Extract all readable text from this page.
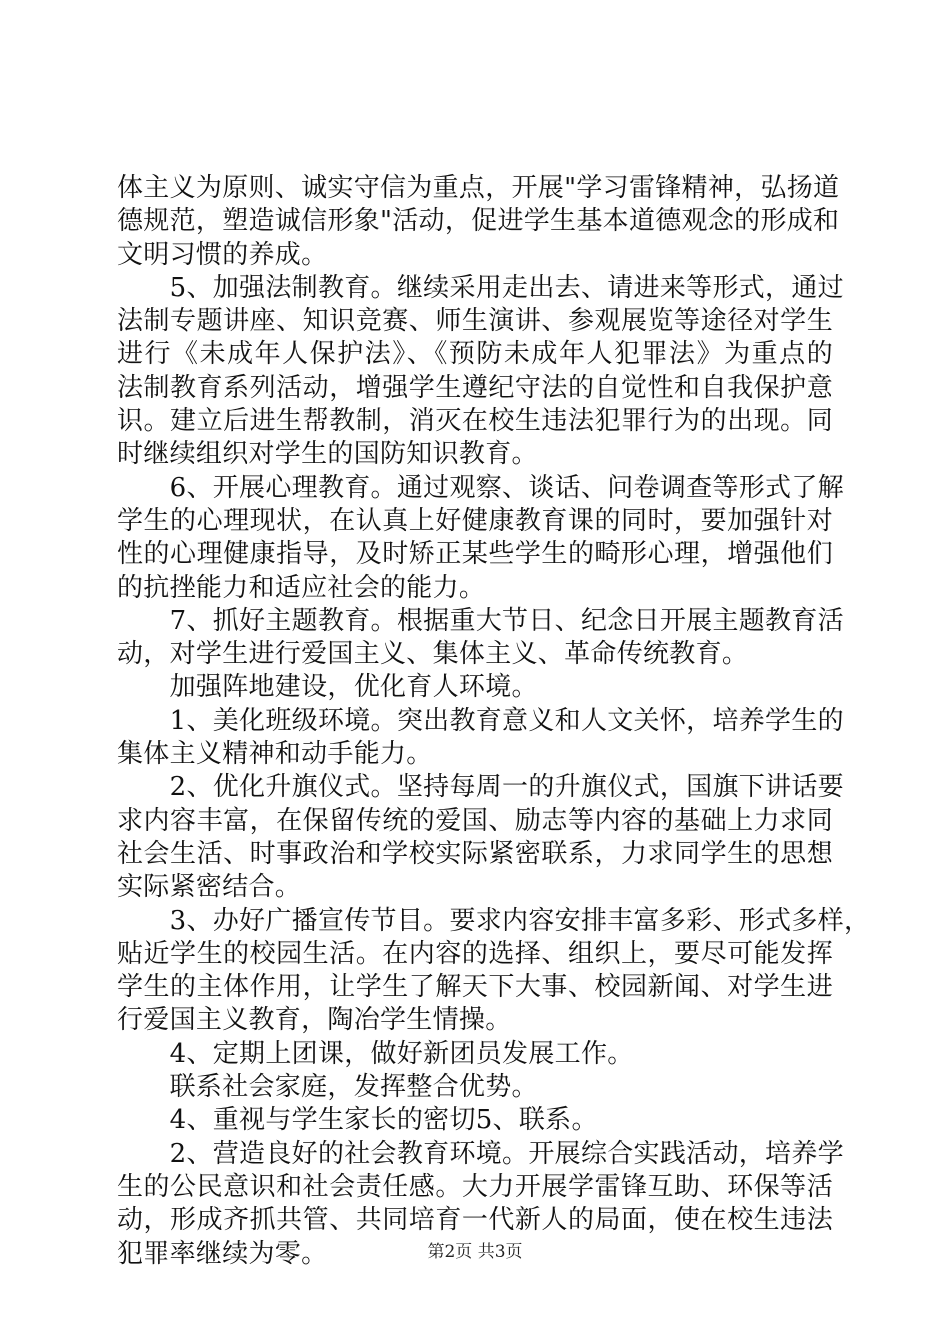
体主义为原则、诚实守信为重点，开展"学习雷锋精神，弘扬道
德规范，塑造诚信形象"活动，促进学生基本道德观念的形成和
文明习惯的养成。
　　5、加强法制教育。继续采用走出去、请进来等形式，通过
法制专题讲座、知识竞赛、师生演讲、参观展览等途径对学生
进行《未成年人保护法》、《预防未成年人犯罪法》为重点的
法制教育系列活动，增强学生遵纪守法的自觉性和自我保护意
识。建立后进生帮教制，消灭在校生违法犯罪行为的出现。同
时继续组织对学生的国防知识教育。
　　6、开展心理教育。通过观察、谈话、问卷调查等形式了解
学生的心理现状，在认真上好健康教育课的同时，要加强针对
性的心理健康指导，及时矫正某些学生的畸形心理，增强他们
的抗挫能力和适应社会的能力。
　　7、抓好主题教育。根据重大节日、纪念日开展主题教育活
动，对学生进行爱国主义、集体主义、革命传统教育。
　　加强阵地建设，优化育人环境。
　　1、美化班级环境。突出教育意义和人文关怀，培养学生的
集体主义精神和动手能力。
　　2、优化升旗仪式。坚持每周一的升旗仪式，国旗下讲话要
求内容丰富，在保留传统的爱国、励志等内容的基础上力求同
社会生活、时事政治和学校实际紧密联系，力求同学生的思想
实际紧密结合。
　　3、办好广播宣传节目。要求内容安排丰富多彩、形式多样，
贴近学生的校园生活。在内容的选择、组织上，要尽可能发挥
学生的主体作用，让学生了解天下大事、校园新闻、对学生进
行爱国主义教育，陶冶学生情操。
　　4、定期上团课，做好新团员发展工作。
　　联系社会家庭，发挥整合优势。
　　4、重视与学生家长的密切5、联系。
　　2、营造良好的社会教育环境。开展综合实践活动，培养学
生的公民意识和社会责任感。大力开展学雷锋互助、环保等活
动，形成齐抓共管、共同培育一代新人的局面，使在校生违法
犯罪率继续为零。	第2页 共3页
